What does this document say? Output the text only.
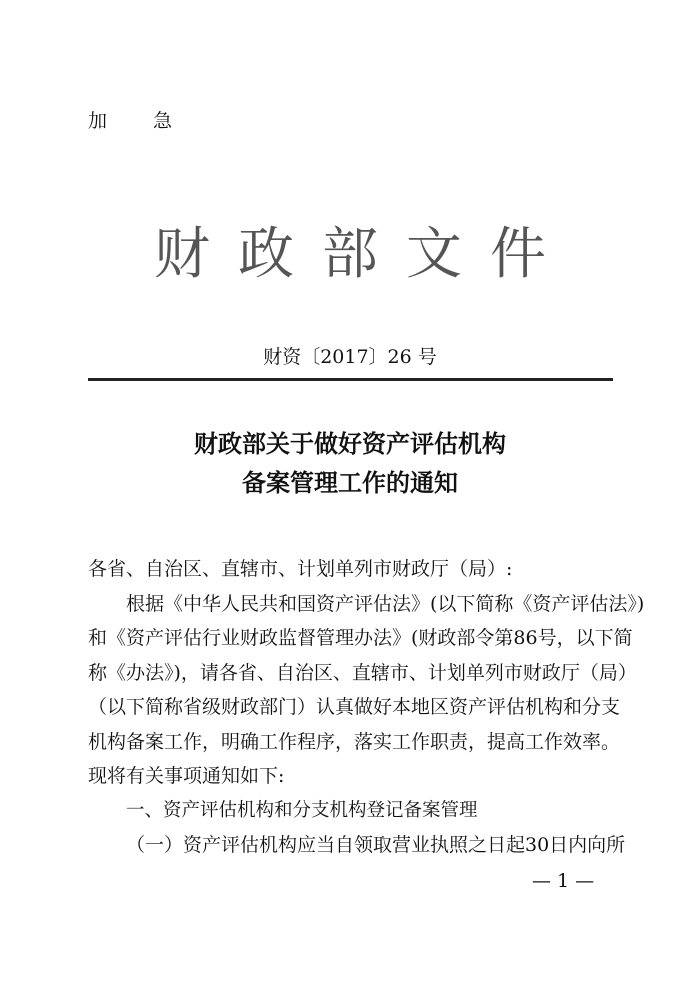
加 急
财政部文件
财资〔2017〕26 号
财政部关于做好资产评估机构
备案管理工作的通知
各省、自治区、直辖市、计划单列市财政厅（局）:
根据《中华人民共和国资产评估法》(以下简称《资产评估法》)
和《资产评估行业财政监督管理办法》(财政部令第86号，以下简
称《办法》)，请各省、自治区、直辖市、计划单列市财政厅（局）
（以下简称省级财政部门）认真做好本地区资产评估机构和分支
机构备案工作，明确工作程序，落实工作职责，提高工作效率。
现将有关事项通知如下:
一、资产评估机构和分支机构登记备案管理
（一）资产评估机构应当自领取营业执照之日起30日内向所
— 1 —
